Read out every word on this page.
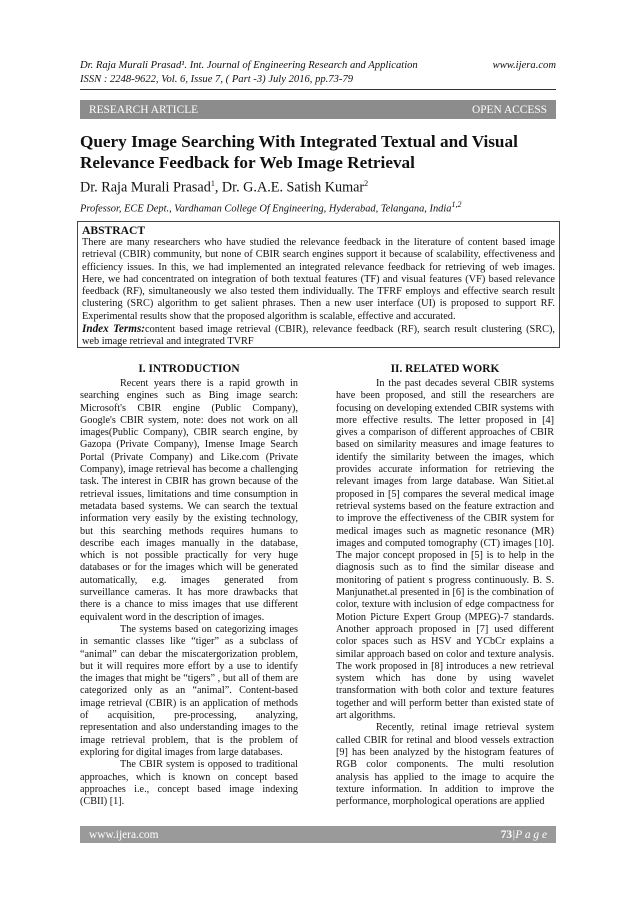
Dr. Raja Murali Prasad¹. Int. Journal of Engineering Research and Application	www.ijera.com
ISSN : 2248-9622, Vol. 6, Issue 7, ( Part -3) July 2016, pp.73-79
RESEARCH ARTICLE	OPEN ACCESS
Query Image Searching With Integrated Textual and Visual Relevance Feedback for Web Image Retrieval
Dr. Raja Murali Prasad$^1$, Dr. G.A.E. Satish Kumar$^2$
Professor, ECE Dept., Vardhaman College Of Engineering, Hyderabad, Telangana, India$^{1,2}$
ABSTRACT

There are many researchers who have studied the relevance feedback in the literature of content based image retrieval (CBIR) community, but none of CBIR search engines support it because of scalability, effectiveness and efficiency issues. In this, we had implemented an integrated relevance feedback for retrieving of web images. Here, we had concentrated on integration of both textual features (TF) and visual features (VF) based relevance feedback (RF), simultaneously we also tested them individually. The TFRF employs and effective search result clustering (SRC) algorithm to get salient phrases. Then a new user interface (UI) is proposed to support RF. Experimental results show that the proposed algorithm is scalable, effective and accurated.

Index Terms:content based image retrieval (CBIR), relevance feedback (RF), search result clustering (SRC), web image retrieval and integrated TVRF

I. INTRODUCTION

Recent years there is a rapid growth in searching engines such as Bing image search: Microsoft's CBIR engine (Public Company), Google's CBIR system, note: does not work on all images(Public Company), CBIR search engine, by Gazopa (Private Company), Imense Image Search Portal (Private Company) and Like.com (Private Company), image retrieval has become a challenging task. The interest in CBIR has grown because of the retrieval issues, limitations and time consumption in metadata based systems. We can search the textual information very easily by the existing technology, but this searching methods requires humans to describe each images manually in the database, which is not possible practically for very huge databases or for the images which will be generated automatically, e.g. images generated from surveillance cameras. It has more drawbacks that there is a chance to miss images that use different equivalent word in the description of images.

The systems based on categorizing images in semantic classes like “tiger” as a subclass of “animal” can debar the miscatergorization problem, but it will requires more effort by a use to identify the images that might be “tigers” , but all of them are categorized only as an “animal”. Content-based image retrieval (CBIR) is an application of methods of acquisition, pre-processing, analyzing, representation and also understanding images to the image retrieval problem, that is the problem of exploring for digital images from large databases.

The CBIR system is opposed to traditional approaches, which is known on concept based approaches i.e., concept based image indexing (CBII) [1].

II. RELATED WORK

In the past decades several CBIR systems have been proposed, and still the researchers are focusing on developing extended CBIR systems with more effective results. The letter proposed in [4] gives a comparison of different approaches of CBIR based on similarity measures and image features to identify the similarity between the images, which provides accurate information for retrieving the relevant images from large database. Wan Sitiet.al proposed in [5] compares the several medical image retrieval systems based on the feature extraction and to improve the effectiveness of the CBIR system for medical images such as magnetic resonance (MR) images and computed tomography (CT) images [10]. The major concept proposed in [5] is to help in the diagnosis such as to find the similar disease and monitoring of patient s progress continuously. B. S. Manjunathet.al presented in [6] is the combination of color, texture with inclusion of edge compactness for Motion Picture Expert Group (MPEG)-7 standards. Another approach proposed in [7] used different color spaces such as HSV and YCbCr explains a similar approach based on color and texture analysis. The work proposed in [8] introduces a new retrieval system which has done by using wavelet transformation with both color and texture features together and will perform better than existed state of art algorithms.

Recently, retinal image retrieval system called CBIR for retinal and blood vessels extraction [9] has been analyzed by the histogram features of RGB color components. The multi resolution analysis has applied to the image to acquire the texture information. In addition to improve the performance, morphological operations are applied

www.ijera.com	73|P a g e
